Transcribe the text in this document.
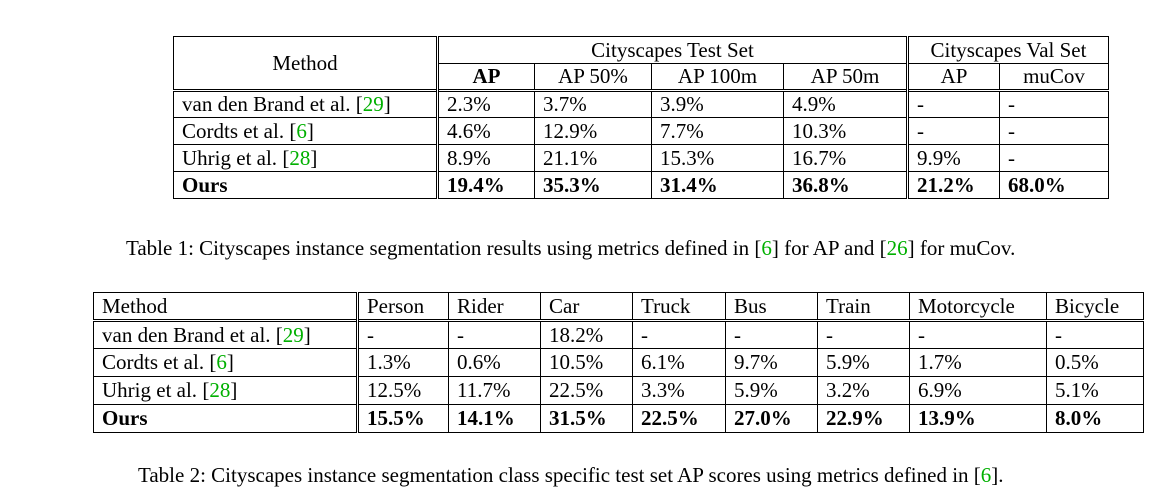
Method	Cityscapes Test Set				Cityscapes Val Set	
	AP	AP 50%	AP 100m	AP 50m	AP	muCov
van den Brand et al. [29]	2.3%	3.7%	3.9%	4.9%	-	-
Cordts et al. [6]	4.6%	12.9%	7.7%	10.3%	-	-
Uhrig et al. [28]	8.9%	21.1%	15.3%	16.7%	9.9%	-
Ours	19.4%	35.3%	31.4%	36.8%	21.2%	68.0%
Table 1: Cityscapes instance segmentation results using metrics defined in [6] for AP and [26] for muCov.
Method	Person	Rider	Car	Truck	Bus	Train	Motorcycle	Bicycle
van den Brand et al. [29]	-	-	18.2%	-	-	-	-	-
Cordts et al. [6]	1.3%	0.6%	10.5%	6.1%	9.7%	5.9%	1.7%	0.5%
Uhrig et al. [28]	12.5%	11.7%	22.5%	3.3%	5.9%	3.2%	6.9%	5.1%
Ours	15.5%	14.1%	31.5%	22.5%	27.0%	22.9%	13.9%	8.0%
Table 2: Cityscapes instance segmentation class specific test set AP scores using metrics defined in [6].
